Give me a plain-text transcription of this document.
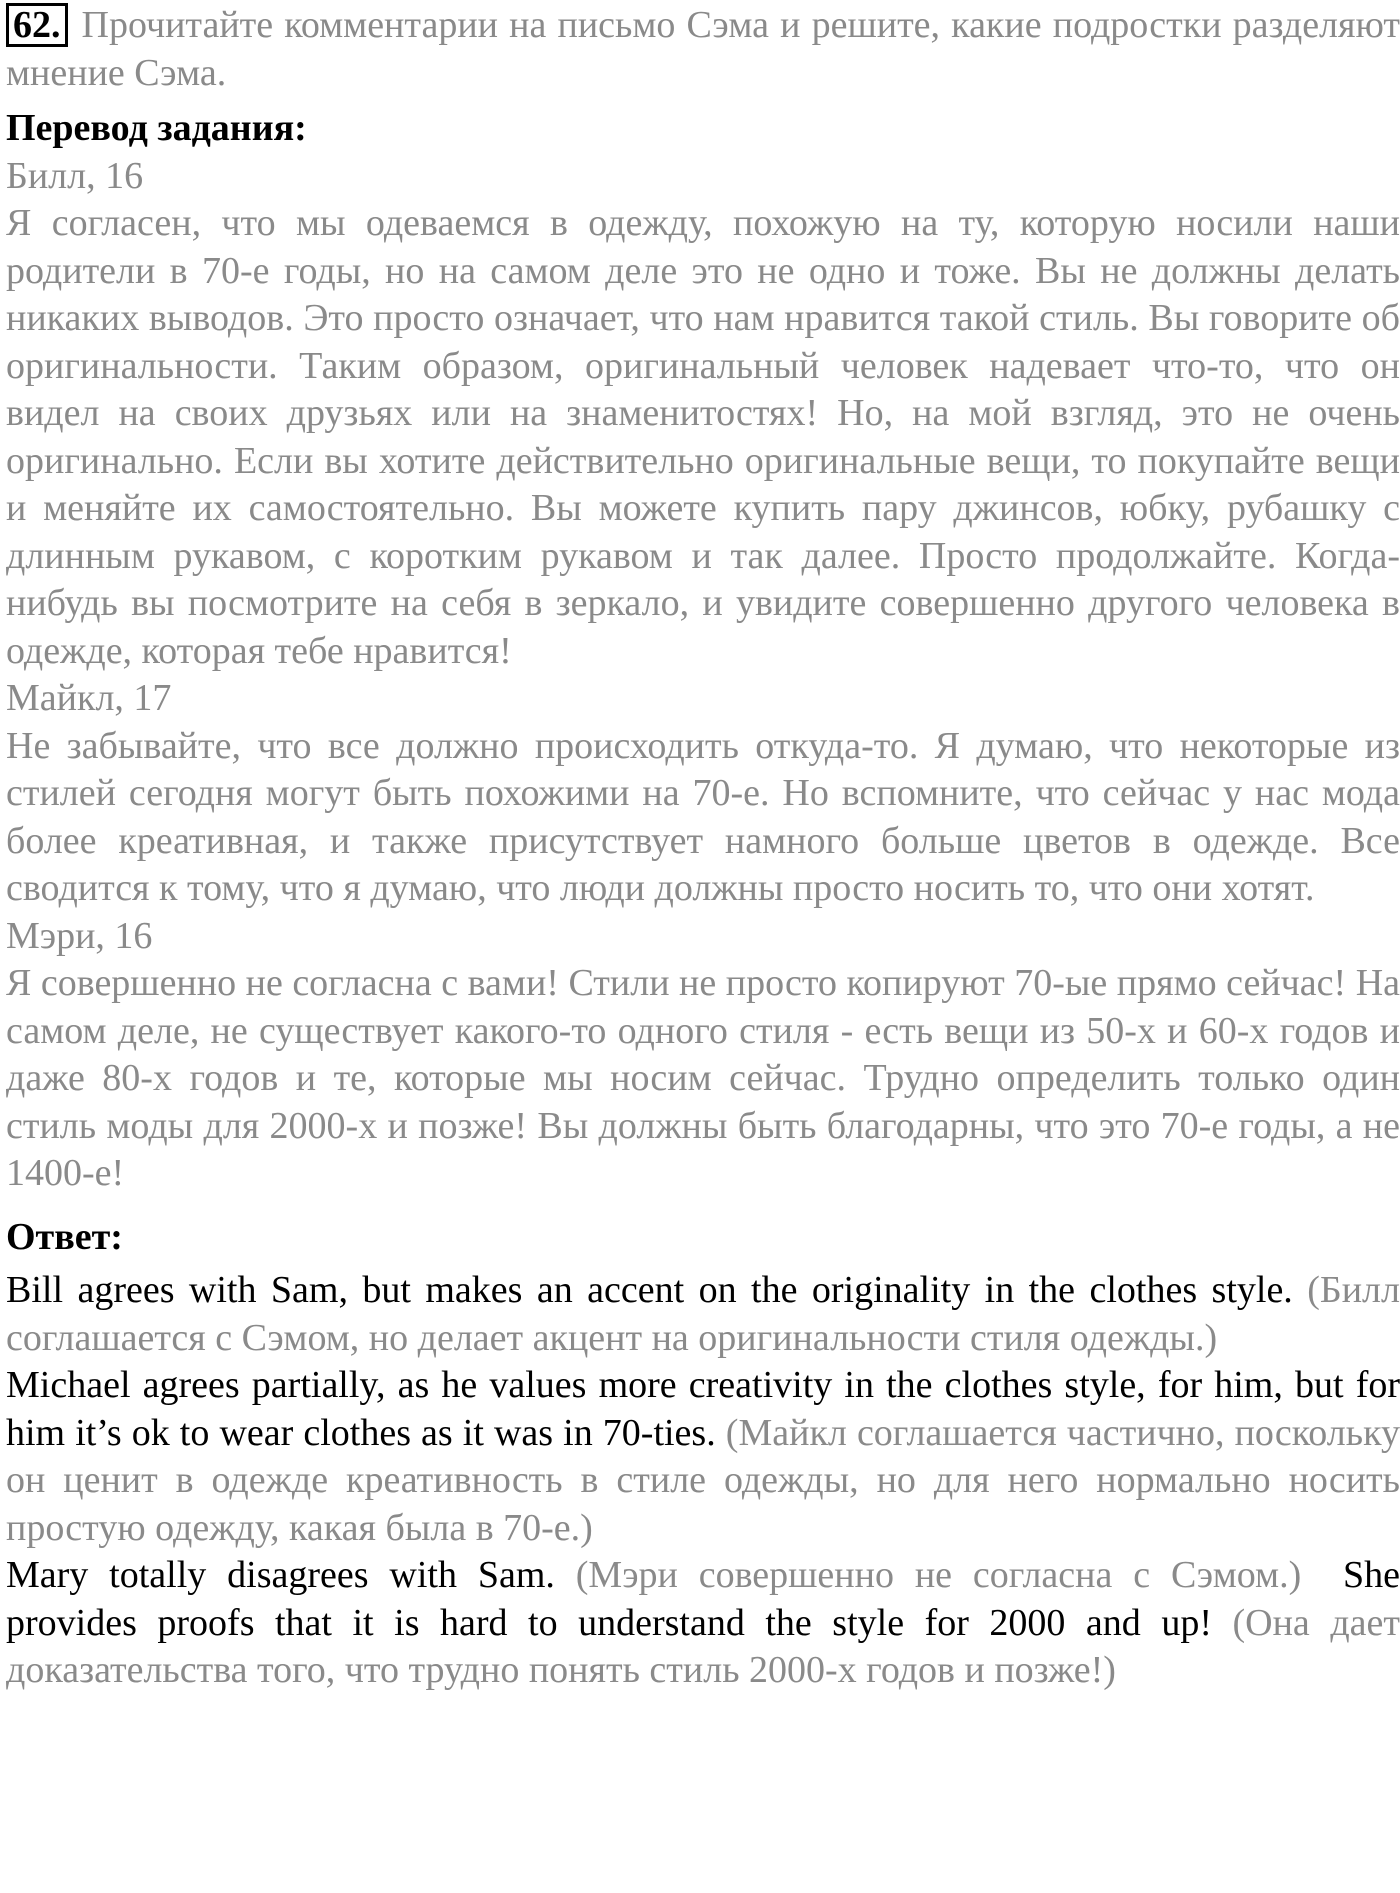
62. Прочитайте комментарии на письмо Сэма и решите, какие подростки разделяют мнение Сэма.

Перевод задания:
Билл, 16

Я согласен, что мы одеваемся в одежду, похожую на ту, которую носили наши родители в 70-е годы, но на самом деле это не одно и тоже. Вы не должны делать никаких выводов. Это просто означает, что нам нравится такой стиль. Вы говорите об оригинальности. Таким образом, оригинальный человек надевает что-то, что он видел на своих друзьях или на знаменитостях! Но, на мой взгляд, это не очень оригинально. Если вы хотите действительно оригинальные вещи, то покупайте вещи и меняйте их самостоятельно. Вы можете купить пару джинсов, юбку, рубашку с длинным рукавом, с коротким рукавом и так далее. Просто продолжайте. Когда-нибудь вы посмотрите на себя в зеркало, и увидите совершенно другого человека в одежде, которая тебе нравится!

Майкл, 17

Не забывайте, что все должно происходить откуда-то. Я думаю, что некоторые из стилей сегодня могут быть похожими на 70-е. Но вспомните, что сейчас у нас мода более креативная, и также присутствует намного больше цветов в одежде. Все сводится к тому, что я думаю, что люди должны просто носить то, что они хотят.

Мэри, 16

Я совершенно не согласна с вами! Стили не просто копируют 70-ые прямо сейчас! На самом деле, не существует какого-то одного стиля - есть вещи из 50-х и 60-х годов и даже 80-х годов и те, которые мы носим сейчас. Трудно определить только один стиль моды для 2000-х и позже! Вы должны быть благодарны, что это 70-е годы, а не 1400-е!

Ответ:

Bill agrees with Sam, but makes an accent on the originality in the clothes style. (Билл соглашается с Сэмом, но делает акцент на оригинальности стиля одежды.)

Michael agrees partially, as he values more creativity in the clothes style, for him, but for him it’s ok to wear clothes as it was in 70-ties. (Майкл соглашается частично, поскольку он ценит в одежде креативность в стиле одежды, но для него нормально носить простую одежду, какая была в 70-е.)

Mary totally disagrees with Sam. (Мэри совершенно не согласна с Сэмом.) She provides proofs that it is hard to understand the style for 2000 and up! (Она дает доказательства того, что трудно понять стиль 2000-х годов и позже!)
